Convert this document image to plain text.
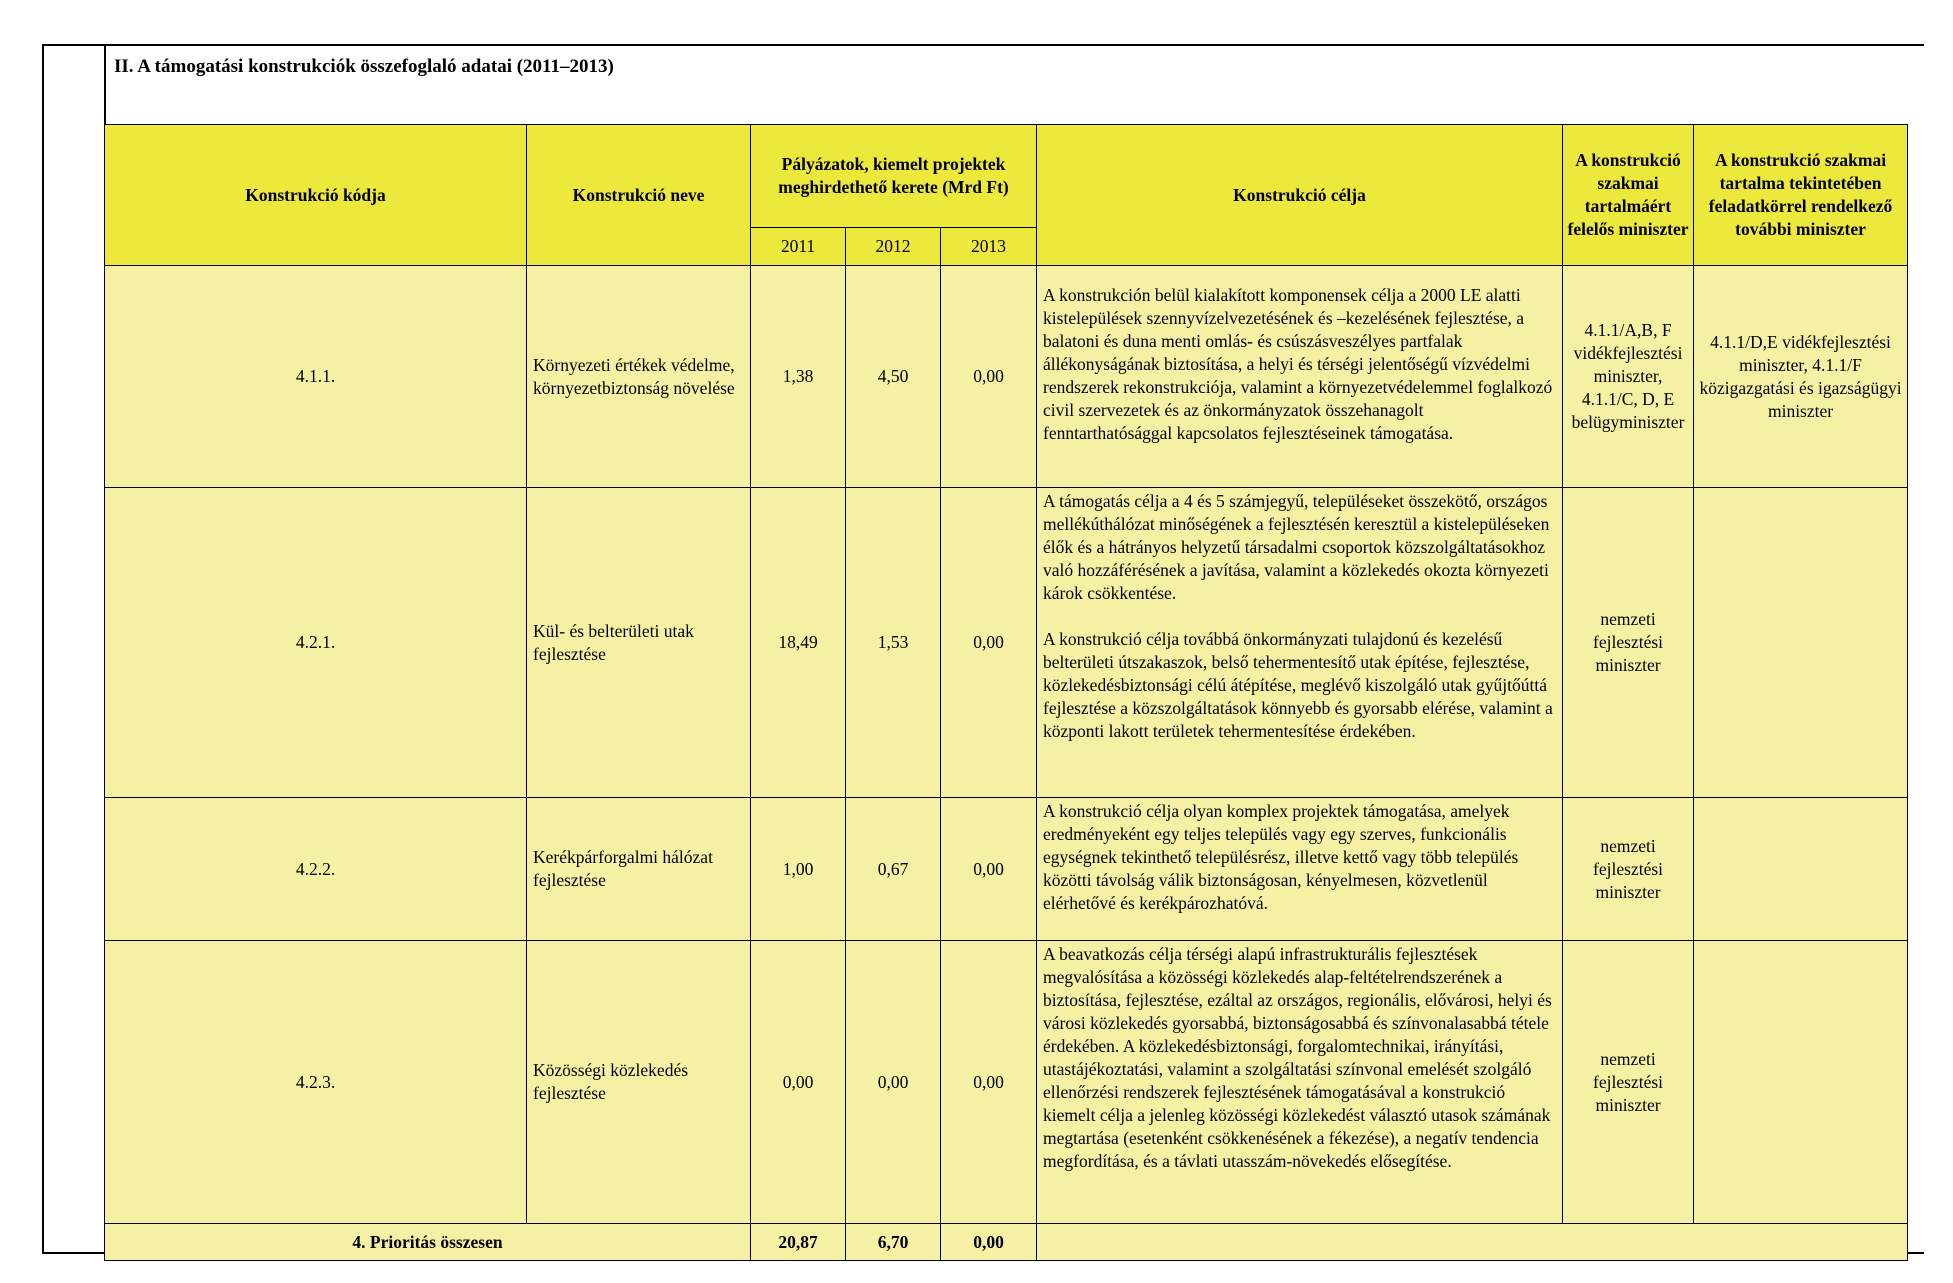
II. A támogatási konstrukciók összefoglaló adatai (2011–2013)
Konstrukció kódja	Konstrukció neve	Pályázatok, kiemelt projektek meghirdethető kerete (Mrd Ft)			Konstrukció célja	A konstrukció szakmai tartalmáért felelős miniszter	A konstrukció szakmai tartalma tekintetében feladatkörrel rendelkező további miniszter
		2011	2012	2013			
4.1.1.	Környezeti értékek védelme, környezetbiztonság növelése	1,38	4,50	0,00	A konstrukción belül kialakított komponensek célja a 2000 LE alatti kistelepülések szennyvízelvezetésének és –kezelésének fejlesztése, a balatoni és duna menti omlás- és csúszásveszélyes partfalak állékonyságának biztosítása, a helyi és térségi jelentőségű vízvédelmi rendszerek rekonstrukciója, valamint a környezetvédelemmel foglalkozó civil szervezetek és az önkormányzatok összehanagolt fenntarthatósággal kapcsolatos fejlesztéseinek támogatása.	4.1.1/A,B, F vidékfejlesztési miniszter, 4.1.1/C, D, E belügyminiszter	4.1.1/D,E vidékfejlesztési miniszter, 4.1.1/F közigazgatási és igazságügyi miniszter
4.2.1.	Kül- és belterületi utak fejlesztése	18,49	1,53	0,00	A támogatás célja a 4 és 5 számjegyű, településeket összekötő, országos mellékúthálózat minőségének a fejlesztésén keresztül a kistelepüléseken élők és a hátrányos helyzetű társadalmi csoportok közszolgáltatásokhoz való hozzáférésének a javítása, valamint a közlekedés okozta környezeti károk csökkentése.

A konstrukció célja továbbá önkormányzati tulajdonú és kezelésű belterületi útszakaszok, belső tehermentesítő utak építése, fejlesztése, közlekedésbiztonsági célú átépítése, meglévő kiszolgáló utak gyűjtőúttá fejlesztése a közszolgáltatások könnyebb és gyorsabb elérése, valamint a központi lakott területek tehermentesítése érdekében.	nemzeti fejlesztési miniszter	
4.2.2.	Kerékpárforgalmi hálózat fejlesztése	1,00	0,67	0,00	A konstrukció célja olyan komplex projektek támogatása, amelyek eredményeként egy teljes település vagy egy szerves, funkcionális egységnek tekinthető településrész, illetve kettő vagy több település közötti távolság válik biztonságosan, kényelmesen, közvetlenül elérhetővé és kerékpározhatóvá.	nemzeti fejlesztési miniszter	
4.2.3.	Közösségi közlekedés fejlesztése	0,00	0,00	0,00	A beavatkozás célja térségi alapú infrastrukturális fejlesztések megvalósítása a közösségi közlekedés alap-feltételrendszerének a biztosítása, fejlesztése, ezáltal az országos, regionális, elővárosi, helyi és városi közlekedés gyorsabbá, biztonságosabbá és színvonalasabbá tétele érdekében. A közlekedésbiztonsági, forgalomtechnikai, irányítási, utastájékoztatási, valamint a szolgáltatási színvonal emelését szolgáló ellenőrzési rendszerek fejlesztésének támogatásával a konstrukció kiemelt célja a jelenleg közösségi közlekedést választó utasok számának megtartása (esetenként csökkenésének a fékezése), a negatív tendencia megfordítása, és a távlati utasszám-növekedés elősegítése.	nemzeti fejlesztési miniszter	
4. Prioritás összesen		20,87	6,70	0,00			
